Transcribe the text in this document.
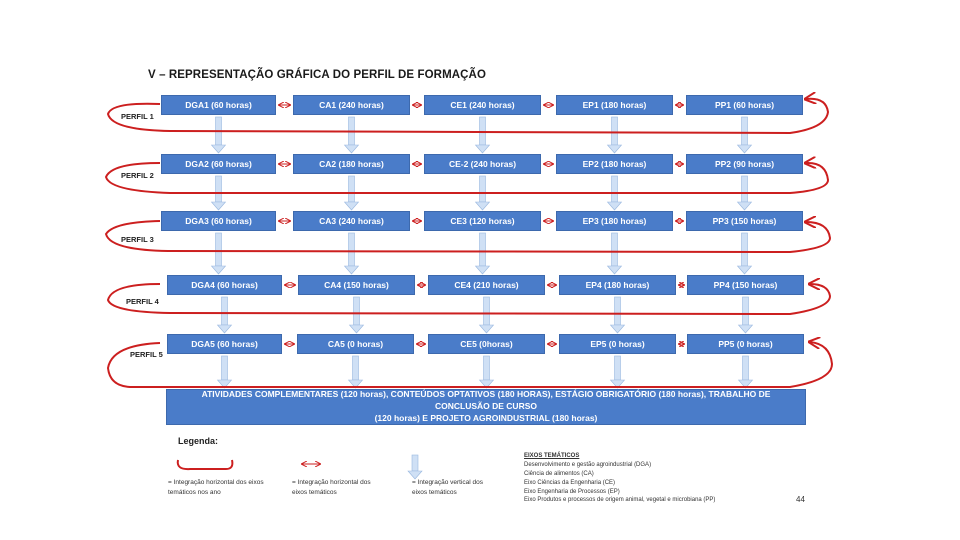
V – REPRESENTAÇÃO GRÁFICA DO PERFIL DE FORMAÇÃO
DGA1 (60 horas)	CA1 (240 horas)	CE1 (240 horas)	EP1 (180 horas)	PP1 (60 horas)
DGA2 (60 horas)	CA2 (180 horas)	CE-2 (240 horas)	EP2 (180 horas)	PP2 (90 horas)
DGA3 (60 horas)	CA3 (240 horas)	CE3 (120 horas)	EP3 (180 horas)	PP3 (150 horas)
DGA4 (60 horas)	CA4 (150 horas)	CE4 (210 horas)	EP4 (180 horas)	PP4 (150 horas)
DGA5 (60 horas)	CA5 (0 horas)	CE5 (0horas)	EP5 (0 horas)	PP5 (0 horas)
PERFIL 1
PERFIL 2
PERFIL 3
PERFIL 4
PERFIL 5
ATIVIDADES COMPLEMENTARES (120 horas), CONTEÚDOS OPTATIVOS (180 HORAS), ESTÁGIO OBRIGATÓRIO (180 horas), TRABALHO DE CONCLUSÃO DE CURSO
(120 horas) E PROJETO AGROINDUSTRIAL (180 horas)
Legenda:
= Integração horizontal dos eixos
temáticos nos ano
= Integração horizontal dos
eixos temáticos
= Integração vertical dos
eixos temáticos
EIXOS TEMÁTICOS
Desenvolvimento e gestão agroindustrial (DGA)
Ciência de alimentos (CA)
Eixo Ciências da Engenharia (CE)
Eixo Engenharia de Processos (EP)
Eixo Produtos e processos de origem animal, vegetal e microbiana (PP)	44
